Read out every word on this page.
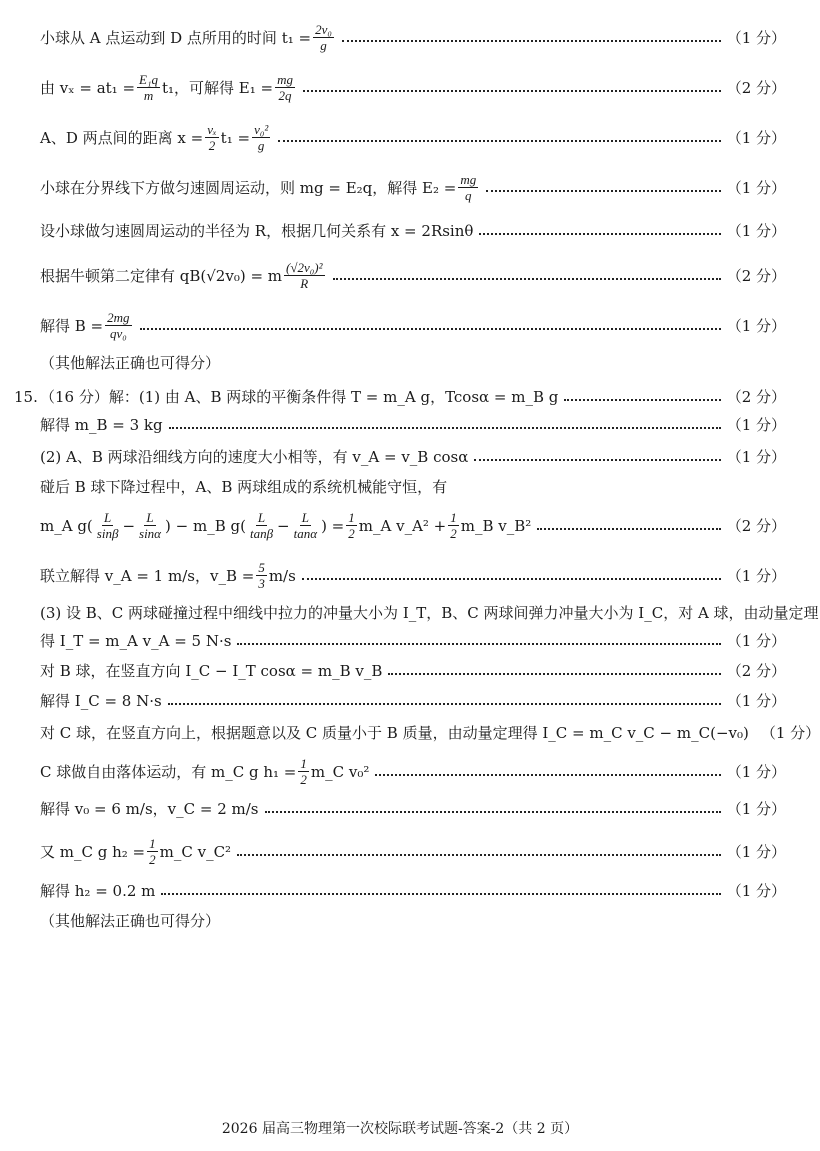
小球从 A 点运动到 D 点所用的时间 $t_1 = \frac{\text{2v₀}}{g}$	（1 分）
由 $v_x = at_1 = \frac{\text{E₁q}}{m} t_1$，可解得 $E_1 = \frac{mg}{2q}$	（2 分）
A、D 两点间的距离 $x = \frac{\text{vₓ}}{2} t_1 = \frac{\text{v₀²}}{g}$	（1 分）
小球在分界线下方做匀速圆周运动，则 mg = E₂q，解得 $E_2 = \frac{mg}{q}$	（1 分）
设小球做匀速圆周运动的半径为 R，根据几何关系有 x = 2Rsinθ	（1 分）
根据牛顿第二定律有 qB(√2v₀) = m $\frac{\text{(√2v₀)²}}{R}$	（2 分）
解得 $B = \frac{2mg}{\text{qv₀}}$	（1 分）
（其他解法正确也可得分）
15. （16 分）解：(1) 由 A、B 两球的平衡条件得 T = m_A g，Tcosα = m_B g	（2 分）
解得 m_B = 3 kg	（1 分）
(2) A、B 两球沿细线方向的速度大小相等，有 v_A = v_B cosα	（1 分）
碰后 B 球下降过程中，A、B 两球组成的系统机械能守恒，有
m_A $g( \frac{L}{\sin\beta} - \frac{L}{\sin\alpha}$ ) − m_B $g( \frac{L}{\tan\beta} - \frac{L}{\tan\alpha}$ ) = $\frac{1}{2}$ m_A v_A² + $\frac{1}{2}$ m_B v_B²	（2 分）
联立解得 v_A = 1 m/s，v_B = $\frac{5}{3} m/s$	（1 分）
(3) 设 B、C 两球碰撞过程中细线中拉力的冲量大小为 I_T，B、C 两球间弹力冲量大小为 I_C，对 A 球，由动量定理
得 I_T = m_A v_A = 5 N·s	（1 分）
对 B 球，在竖直方向 I_C − I_T cosα = m_B v_B	（2 分）
解得 I_C = 8 N·s	（1 分）
对 C 球，在竖直方向上，根据题意以及 C 质量小于 B 质量，由动量定理得 I_C = m_C v_C − m_C(−v₀) （1 分）
C 球做自由落体运动，有 m_C g $h_1 = \frac{1}{2}$ m_C v₀²	（1 分）
解得 v₀ = 6 m/s，v_C = 2 m/s	（1 分）
又 m_C g $h_2 = \frac{1}{2}$ m_C v_C²	（1 分）
解得 h₂ = 0.2 m	（1 分）
（其他解法正确也可得分）
2026 届高三物理第一次校际联考试题-答案-2（共 2 页）
